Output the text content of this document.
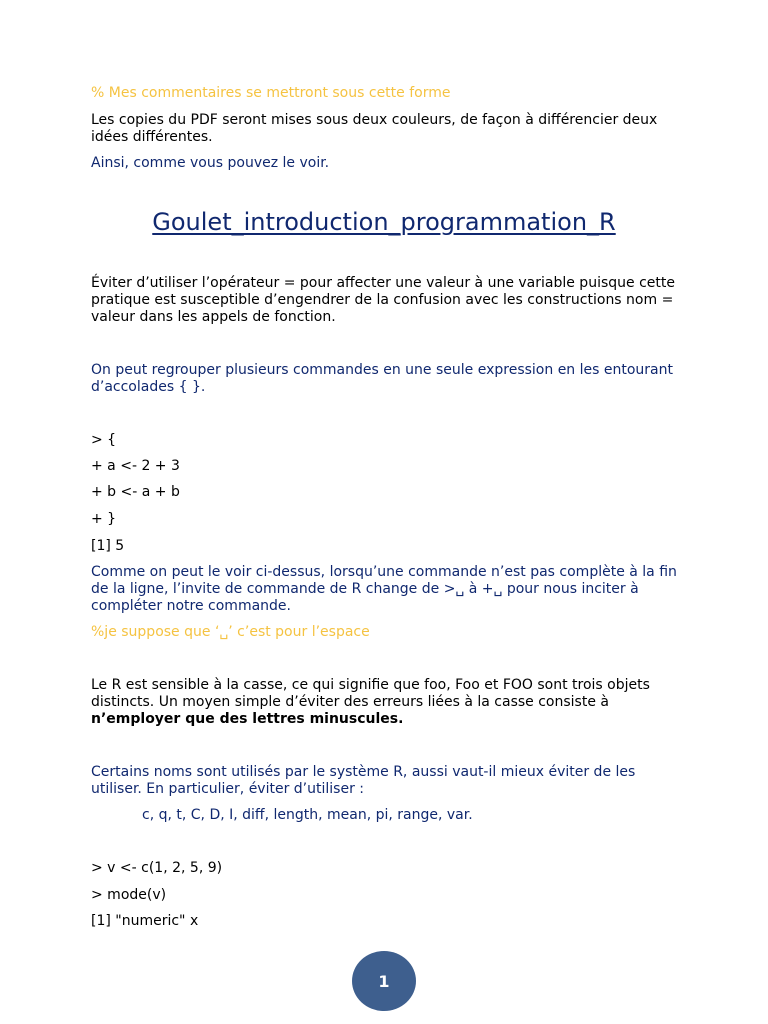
% Mes commentaires se mettront sous cette forme

Les copies du PDF seront mises sous deux couleurs, de façon à différencier deux idées différentes.

Ainsi, comme vous pouvez le voir.

Goulet_introduction_programmation_R

Éviter d’utiliser l’opérateur = pour affecter une valeur à une variable puisque cette pratique est susceptible d’engendrer de la confusion avec les constructions nom = valeur dans les appels de fonction.

On peut regrouper plusieurs commandes en une seule expression en les entourant d’accolades { }.

> {

+ a <- 2 + 3

+ b <- a + b

+ }

[1] 5

Comme on peut le voir ci-dessus, lorsqu’une commande n’est pas complète à la fin de la ligne, l’invite de commande de R change de >␣ à +␣ pour nous inciter à compléter notre commande.

%je suppose que ‘␣’ c’est pour l’espace

Le R est sensible à la casse, ce qui signifie que foo, Foo et FOO sont trois objets distincts. Un moyen simple d’éviter des erreurs liées à la casse consiste à
n’employer que des lettres minuscules.

Certains noms sont utilisés par le système R, aussi vaut-il mieux éviter de les utiliser. En particulier, éviter d’utiliser :

c, q, t, C, D, I, diff, length, mean, pi, range, var.

> v <- c(1, 2, 5, 9)

> mode(v)

[1] "numeric" x

1
